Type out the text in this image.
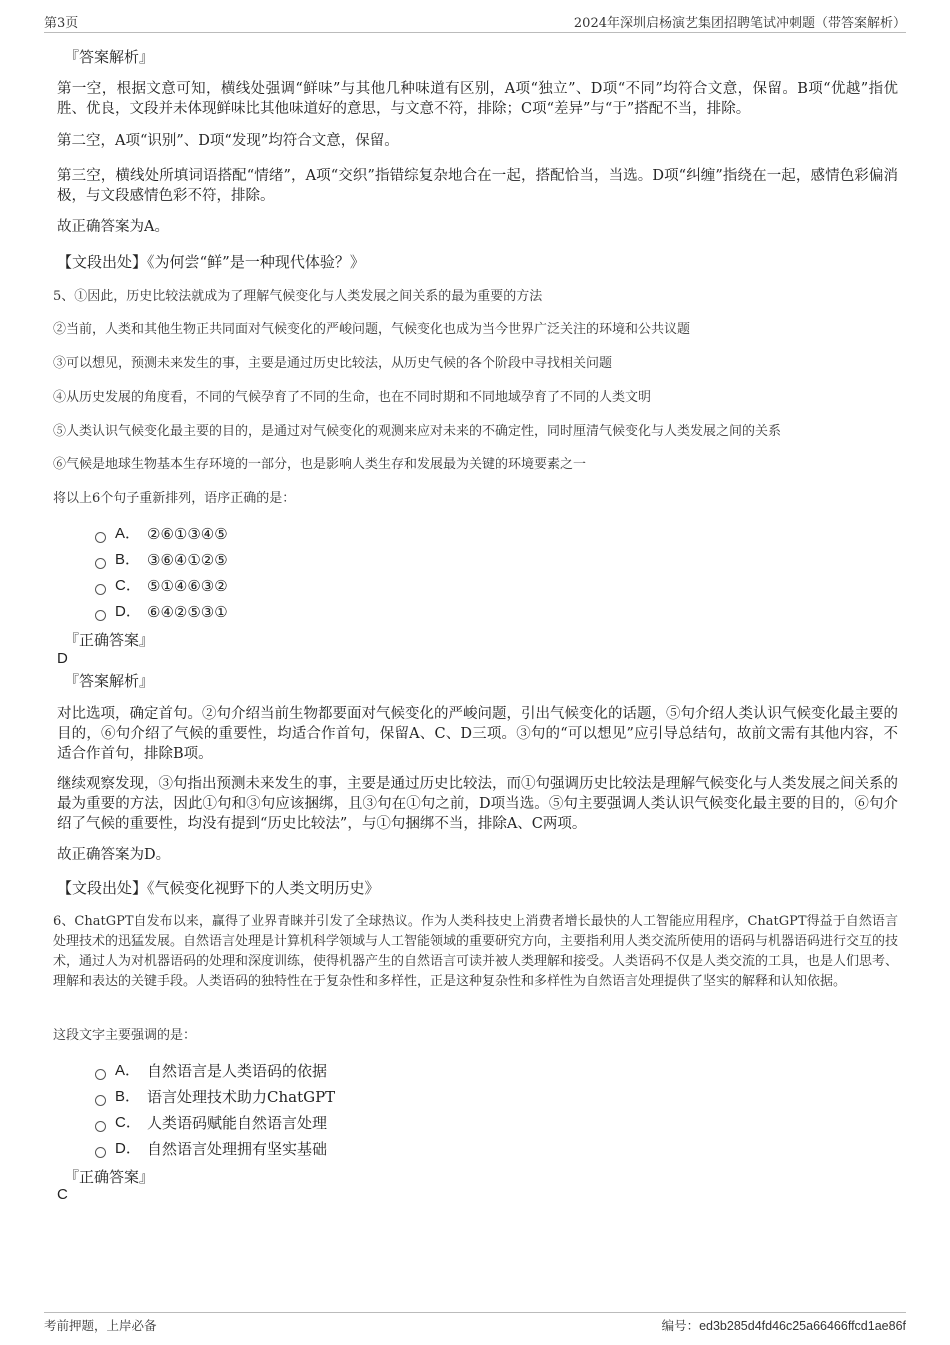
第3页	2024年深圳启杨演艺集团招聘笔试冲刺题（带答案解析）
『答案解析』
第一空，根据文意可知，横线处强调“鲜味”与其他几种味道有区别，A项“独立”、D项“不同”均符合文意，保留。B项“优越”指优胜、优良，文段并未体现鲜味比其他味道好的意思，与文意不符，排除；C项“差异”与“于”搭配不当，排除。
第二空，A项“识别”、D项“发现”均符合文意，保留。
第三空，横线处所填词语搭配“情绪”，A项“交织”指错综复杂地合在一起，搭配恰当，当选。D项“纠缠”指绕在一起，感情色彩偏消极，与文段感情色彩不符，排除。
故正确答案为A。
【文段出处】《为何尝“鲜”是一种现代体验？》
5、①因此，历史比较法就成为了理解气候变化与人类发展之间关系的最为重要的方法
②当前，人类和其他生物正共同面对气候变化的严峻问题，气候变化也成为当今世界广泛关注的环境和公共议题
③可以想见，预测未来发生的事，主要是通过历史比较法，从历史气候的各个阶段中寻找相关问题
④从历史发展的角度看，不同的气候孕育了不同的生命，也在不同时期和不同地域孕育了不同的人类文明
⑤人类认识气候变化最主要的目的，是通过对气候变化的观测来应对未来的不确定性，同时厘清气候变化与人类发展之间的关系
⑥气候是地球生物基本生存环境的一部分，也是影响人类生存和发展最为关键的环境要素之一
将以上6个句子重新排列，语序正确的是：
A． ②⑥①③④⑤
B． ③⑥④①②⑤
C． ⑤①④⑥③②
D． ⑥④②⑤③①
『正确答案』
D
『答案解析』
对比选项，确定首句。②句介绍当前生物都要面对气候变化的严峻问题，引出气候变化的话题，⑤句介绍人类认识气候变化最主要的目的，⑥句介绍了气候的重要性，均适合作首句，保留A、C、D三项。③句的“可以想见”应引导总结句，故前文需有其他内容，不适合作首句，排除B项。
继续观察发现，③句指出预测未来发生的事，主要是通过历史比较法，而①句强调历史比较法是理解气候变化与人类发展之间关系的最为重要的方法，因此①句和③句应该捆绑，且③句在①句之前，D项当选。⑤句主要强调人类认识气候变化最主要的目的，⑥句介绍了气候的重要性，均没有提到“历史比较法”，与①句捆绑不当，排除A、C两项。
故正确答案为D。
【文段出处】《气候变化视野下的人类文明历史》
6、ChatGPT自发布以来，赢得了业界青睐并引发了全球热议。作为人类科技史上消费者增长最快的人工智能应用程序，ChatGPT得益于自然语言处理技术的迅猛发展。自然语言处理是计算机科学领域与人工智能领域的重要研究方向，主要指利用人类交流所使用的语码与机器语码进行交互的技术，通过人为对机器语码的处理和深度训练，使得机器产生的自然语言可读并被人类理解和接受。人类语码不仅是人类交流的工具，也是人们思考、理解和表达的关键手段。人类语码的独特性在于复杂性和多样性，正是这种复杂性和多样性为自然语言处理提供了坚实的解释和认知依据。
这段文字主要强调的是：
A． 自然语言是人类语码的依据
B． 语言处理技术助力ChatGPT
C． 人类语码赋能自然语言处理
D． 自然语言处理拥有坚实基础
『正确答案』
C
考前押题，上岸必备	编号：ed3b285d4fd46c25a66466ffcd1ae86f
